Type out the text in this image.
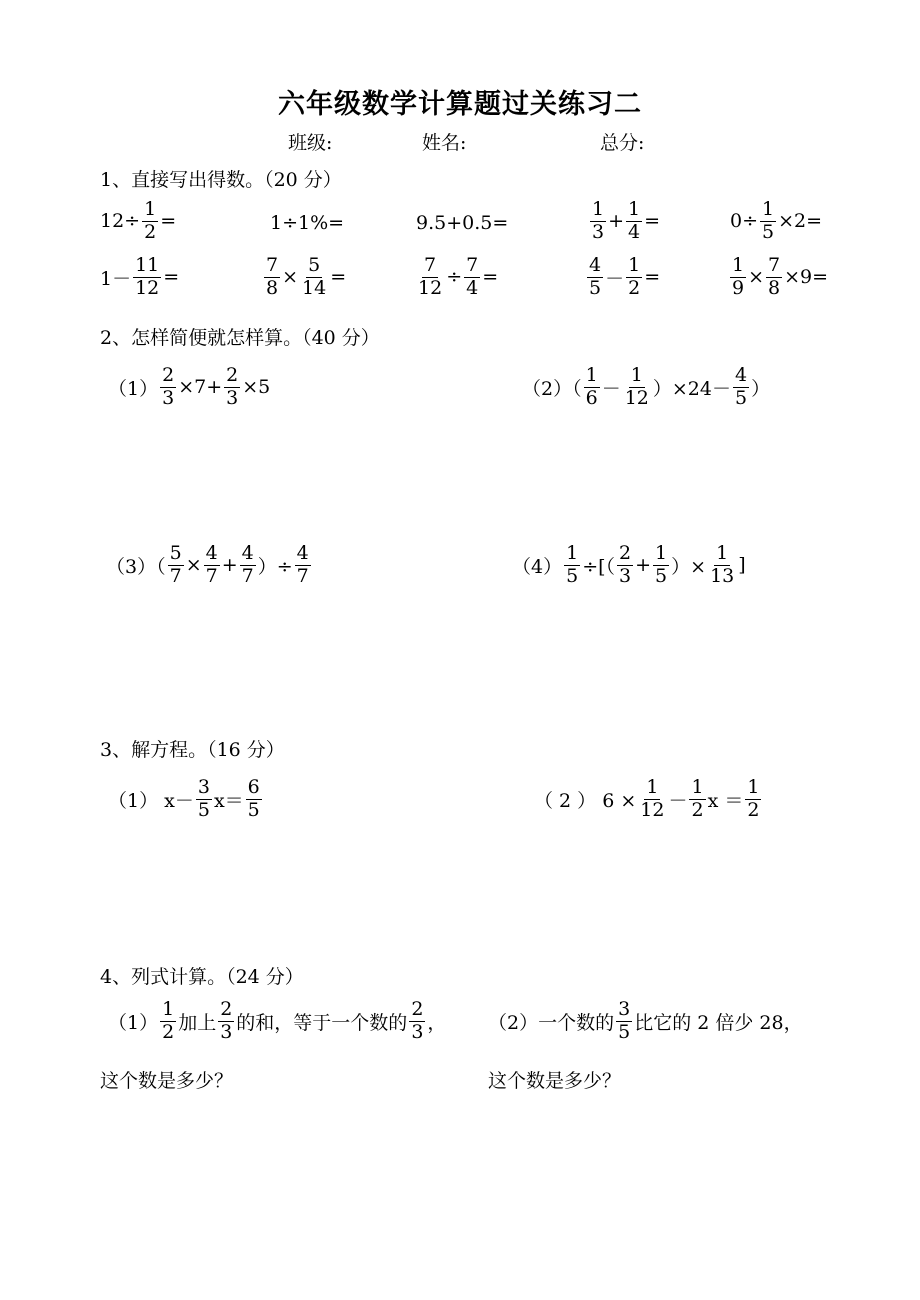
六年级数学计算题过关练习二
班级:	姓名:	总分:
1、直接写出得数。（20 分）
$12\div \frac{1}{2}$ =	1÷1%=	9.5+0.5=	$\frac{1}{3} + \frac{1}{4}$ =	$0\div \frac{1}{5} \times 2=$
$1- \frac{11}{12}$ =	$\frac{7}{8} \times \frac{5}{14}$ =	$\frac{7}{12} \div \frac{7}{4}$ =	$\frac{4}{5} - \frac{1}{2}$ =	$\frac{1}{9} \times \frac{7}{8} \times 9=$
2、怎样简便就怎样算。（40 分）
$(1) \frac{2}{3} \times 7+ \frac{2}{3} \times 5$	$(2)( \frac{1}{6} - \frac{1}{12} )\times 24- \frac{4}{5}$ ）
$(3)( \frac{5}{7} \times \frac{4}{7} + \frac{4}{7}$ ）÷ $\frac{4}{7}$	$(4) \frac{1}{5}$ ÷[（ $\frac{2}{3} + \frac{1}{5}$ ）× $\frac{1}{13}$ ]
3、解方程。（16 分）
（1） $x- \frac{3}{5} x= \frac{6}{5}$	（ 2 ） $6 \times \frac{1}{12} - \frac{1}{2}$ $x = \frac{1}{2}$
4、列式计算。（24 分）
$(1) \frac{1}{2}$ 加上 $\frac{2}{3}$ 的和，等于一个数的 $\frac{2}{3}$ ，
这个数是多少？
（2）一个数的 $\frac{3}{5}$ 比它的 2 倍少 28，
这个数是多少？
